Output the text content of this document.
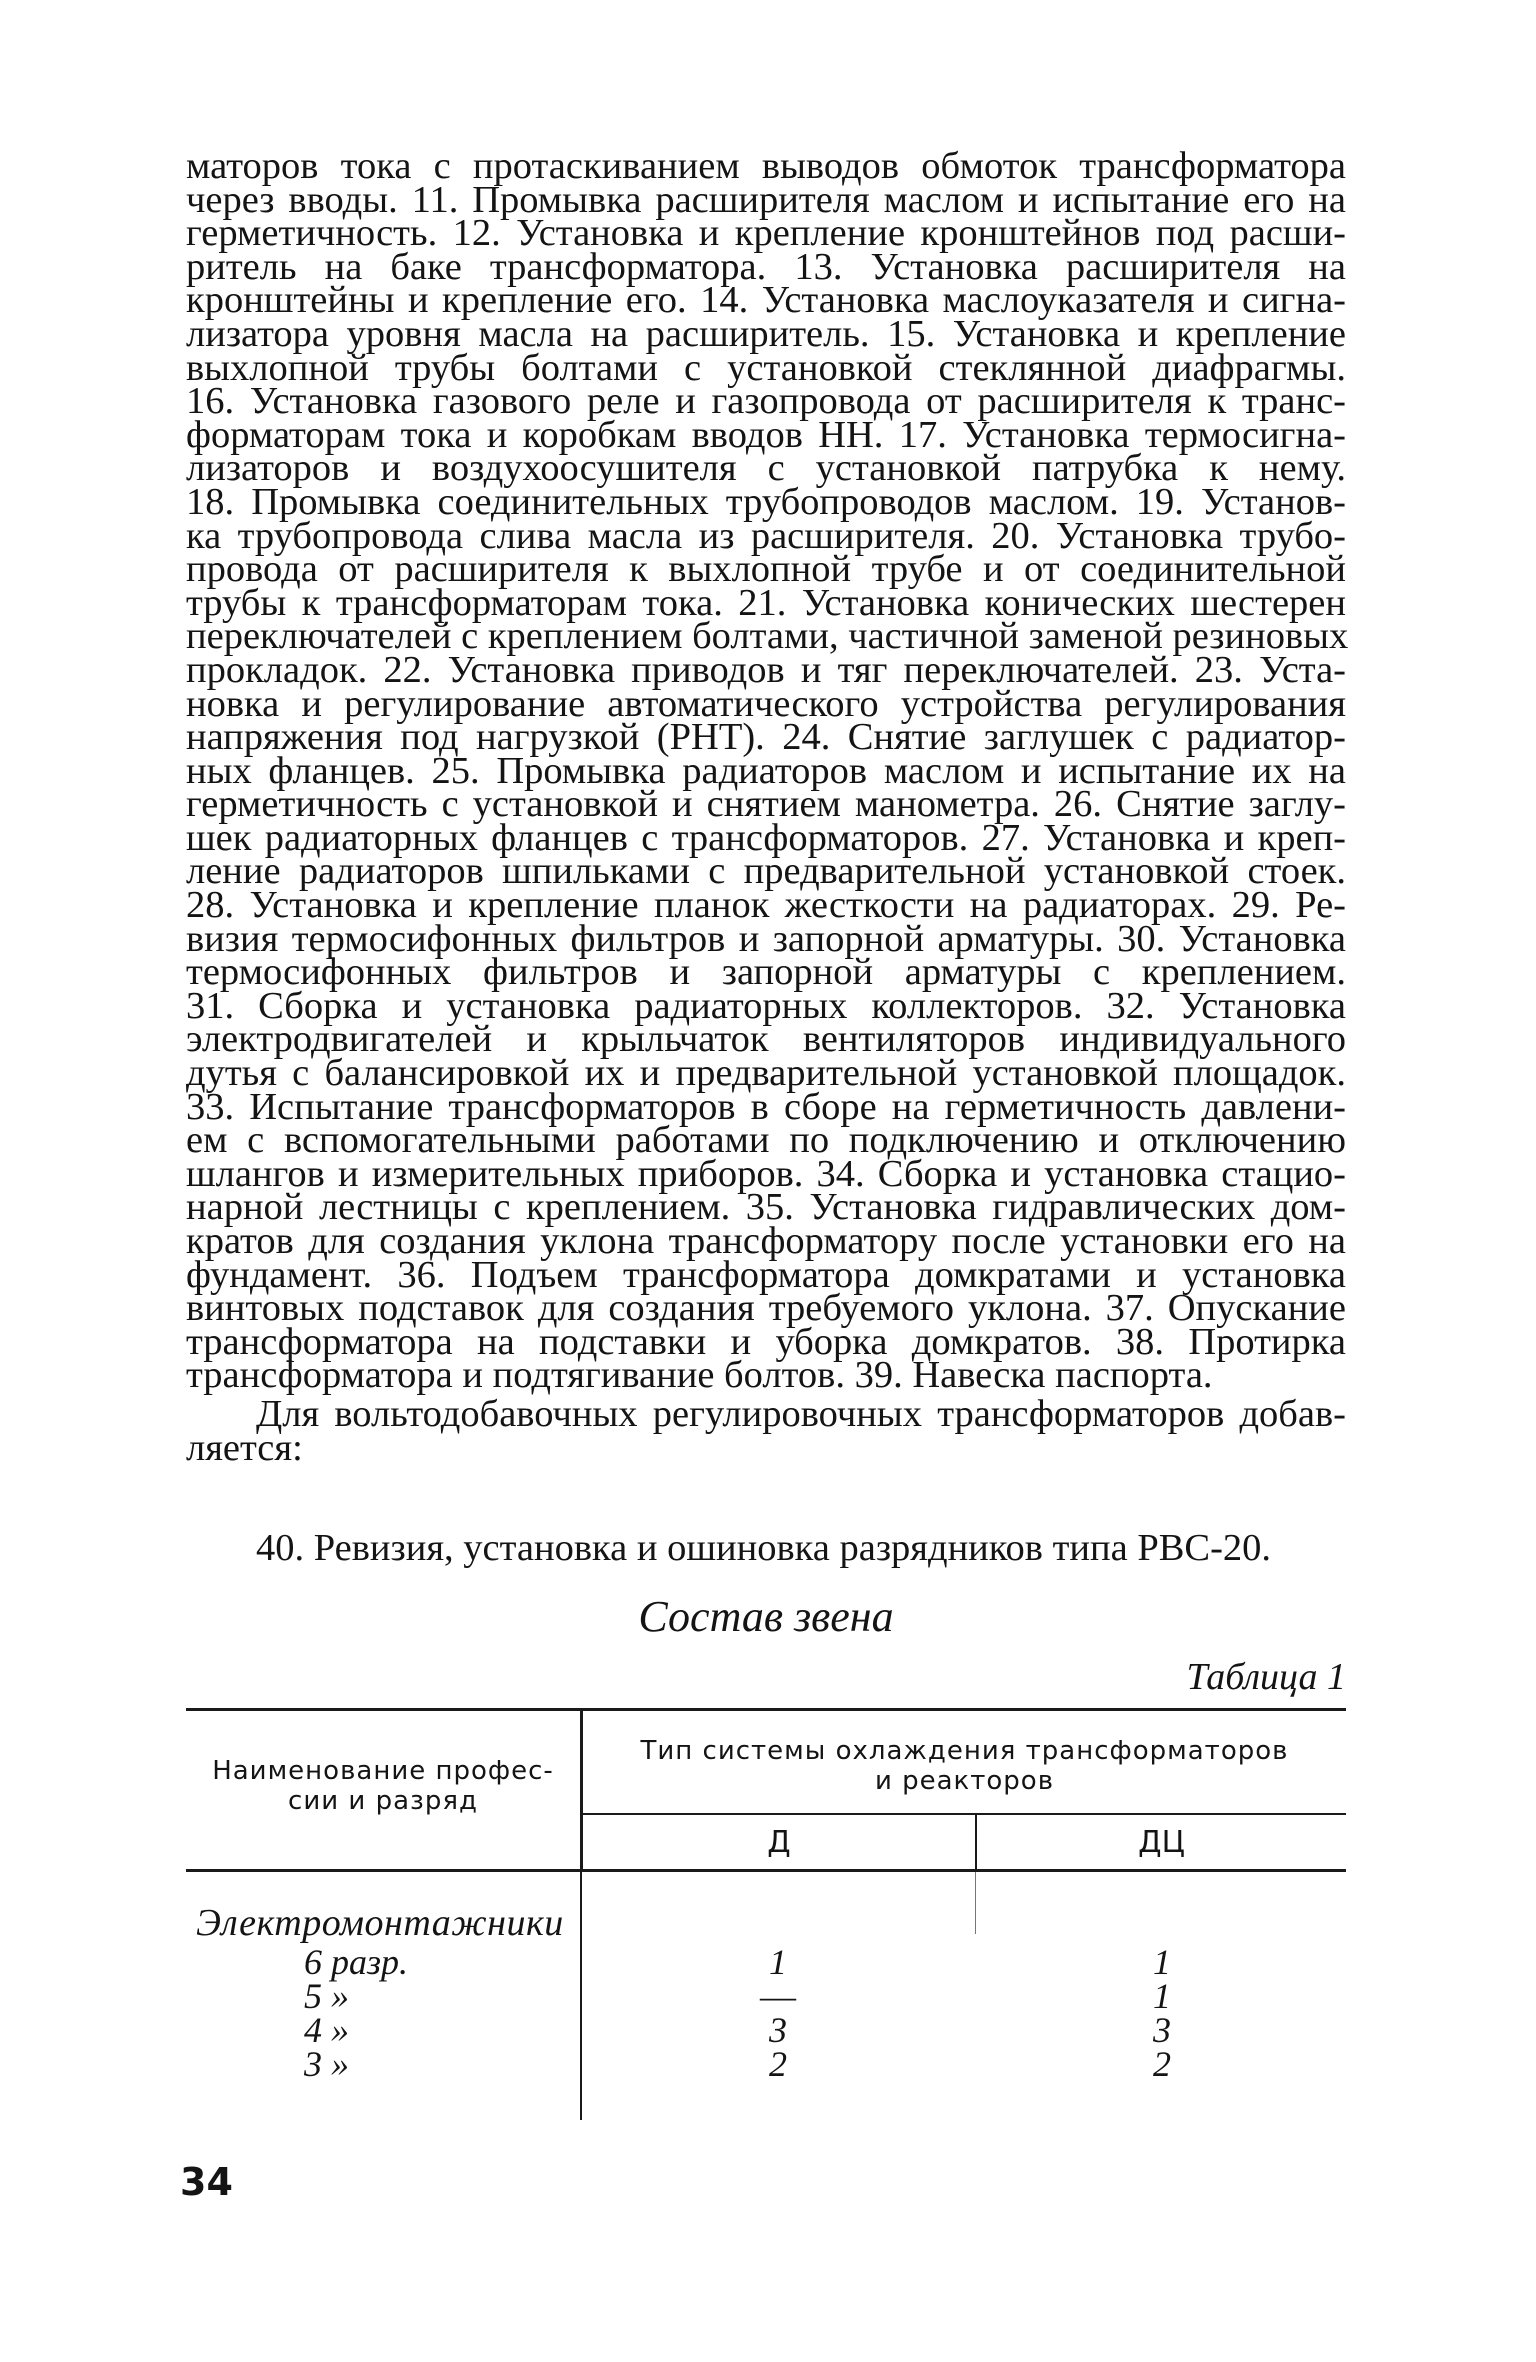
маторов тока с протаскиванием выводов обмоток трансформатора
через вводы. 11. Промывка расширителя маслом и испытание его на
герметичность. 12. Установка и крепление кронштейнов под расши-
ритель на баке трансформатора. 13. Установка расширителя на
кронштейны и крепление его. 14. Установка маслоуказателя и сигна-
лизатора уровня масла на расширитель. 15. Установка и крепление
выхлопной трубы болтами с установкой стеклянной диафрагмы.
16. Установка газового реле и газопровода от расширителя к транс-
форматорам тока и коробкам вводов НН. 17. Установка термосигна-
лизаторов и воздухоосушителя с установкой патрубка к нему.
18. Промывка соединительных трубопроводов маслом. 19. Установ-
ка трубопровода слива масла из расширителя. 20. Установка трубо-
провода от расширителя к выхлопной трубе и от соединительной
трубы к трансформаторам тока. 21. Установка конических шестерен
переключателей с креплением болтами, частичной заменой резиновых
прокладок. 22. Установка приводов и тяг переключателей. 23. Уста-
новка и регулирование автоматического устройства регулирования
напряжения под нагрузкой (РНТ). 24. Снятие заглушек с радиатор-
ных фланцев. 25. Промывка радиаторов маслом и испытание их на
герметичность с установкой и снятием манометра. 26. Снятие заглу-
шек радиаторных фланцев с трансформаторов. 27. Установка и креп-
ление радиаторов шпильками с предварительной установкой стоек.
28. Установка и крепление планок жесткости на радиаторах. 29. Ре-
визия термосифонных фильтров и запорной арматуры. 30. Установка
термосифонных фильтров и запорной арматуры с креплением.
31. Сборка и установка радиаторных коллекторов. 32. Установка
электродвигателей и крыльчаток вентиляторов индивидуального
дутья с балансировкой их и предварительной установкой площадок.
33. Испытание трансформаторов в сборе на герметичность давлени-
ем с вспомогательными работами по подключению и отключению
шлангов и измерительных приборов. 34. Сборка и установка стацио-
нарной лестницы с креплением. 35. Установка гидравлических дом-
кратов для создания уклона трансформатору после установки его на
фундамент. 36. Подъем трансформатора домкратами и установка
винтовых подставок для создания требуемого уклона. 37. Опускание
трансформатора на подставки и уборка домкратов. 38. Протирка
трансформатора и подтягивание болтов. 39. Навеска паспорта.
Для вольтодобавочных регулировочных трансформаторов добав-
ляется:
40. Ревизия, установка и ошиновка разрядников типа РВС-20.
Состав звена
Таблица 1
Наименование профес-
сии и разряд
Тип системы охлаждения трансформаторов
и реакторов
Д	ДЦ
Электромонтажники
6 разр.	1	1
5 »	—	1
4 »	3	3
3 »	2	2
34
